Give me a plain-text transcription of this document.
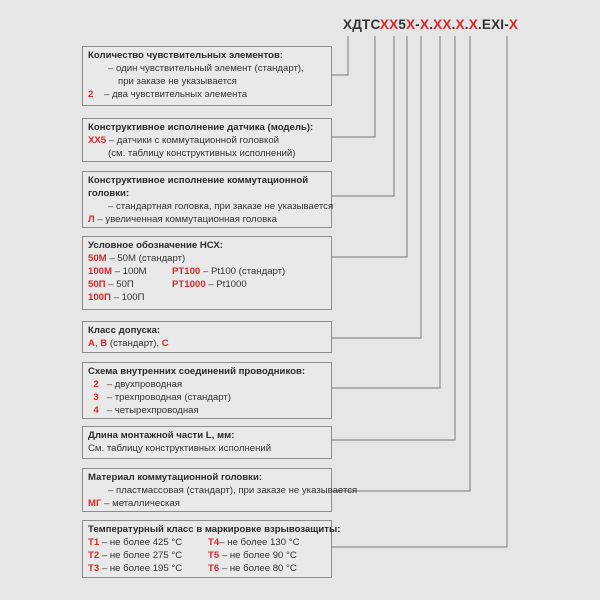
ХДТСХХ5Х-Х.ХХ.Х.Х.EXI-Х
Количество чувствительных элементов:
– один чувствительный элемент (стандарт),
при заказе не указывается
2 – два чувствительных элемента
Конструктивное исполнение датчика (модель):
ХХ5 – датчики с коммутационной головкой
(см. таблицу конструктивных исполнений)
Конструктивное исполнение коммутационной
головки:
– стандартная головка, при заказе не указывается
Л – увеличенная коммутационная головка
Условное обозначение НСХ:
50М – 50М (стандарт)
100М – 100М	PT100 – Pt100 (стандарт)
50П – 50П	PT1000 – Pt1000
100П – 100П
Класс допуска:
А, В (стандарт), С
Схема внутренних соединений проводников:
2   – двухпроводная
3   – трехпроводная (стандарт)
4   – четырехпроводная
Длина монтажной части L, мм:
См. таблицу конструктивных исполнений
Материал коммутационной головки:
– пластмассовая (стандарт), при заказе не указывается
МГ – металлическая
Температурный класс в маркировке взрывозащиты:
Т1 – не более 425 °С	Т4– не более 130 °С
Т2 – не более 275 °С	Т5 – не более 90 °С
Т3 – не более 195 °С	Т6 – не более 80 °С
